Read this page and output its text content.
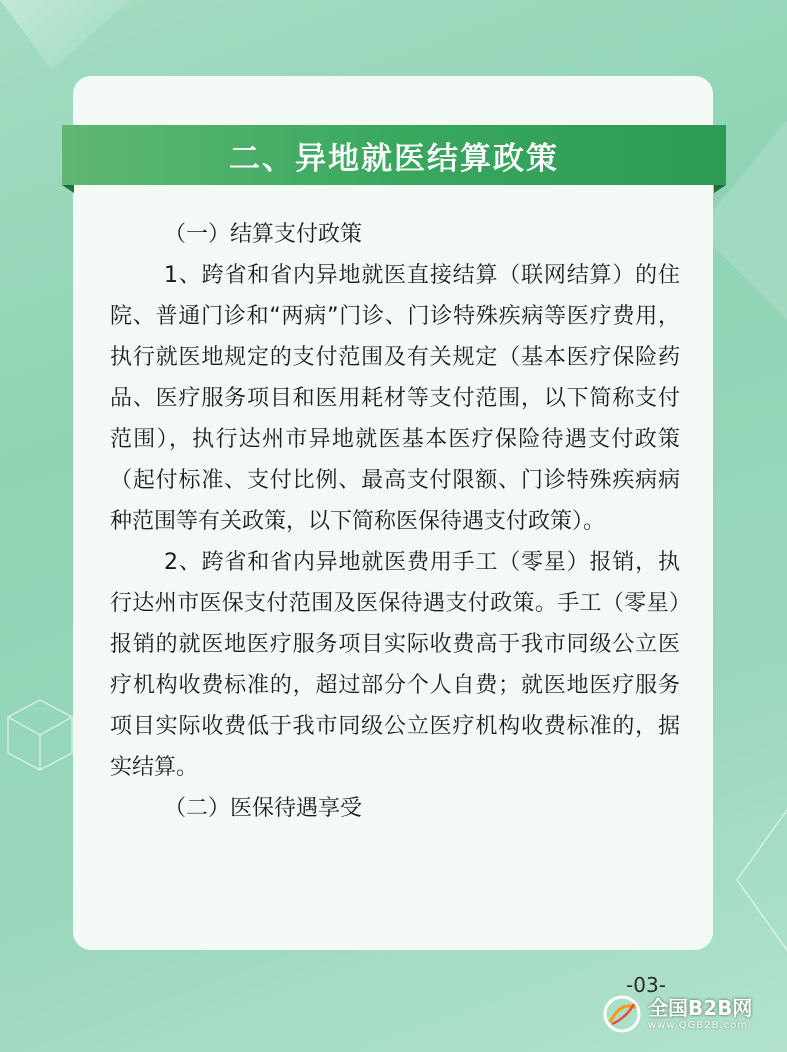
二、异地就医结算政策

（一）结算支付政策

1、跨省和省内异地就医直接结算（联网结算）的住院、普通门诊和“两病”门诊、门诊特殊疾病等医疗费用，执行就医地规定的支付范围及有关规定（基本医疗保险药品、医疗服务项目和医用耗材等支付范围，以下简称支付范围），执行达州市异地就医基本医疗保险待遇支付政策（起付标准、支付比例、最高支付限额、门诊特殊疾病病种范围等有关政策，以下简称医保待遇支付政策）。

2、跨省和省内异地就医费用手工（零星）报销，执行达州市医保支付范围及医保待遇支付政策。手工（零星）报销的就医地医疗服务项目实际收费高于我市同级公立医疗机构收费标准的，超过部分个人自费；就医地医疗服务项目实际收费低于我市同级公立医疗机构收费标准的，据实结算。

（二）医保待遇享受

-03-
全国B2B网
www.QGB2B.com
